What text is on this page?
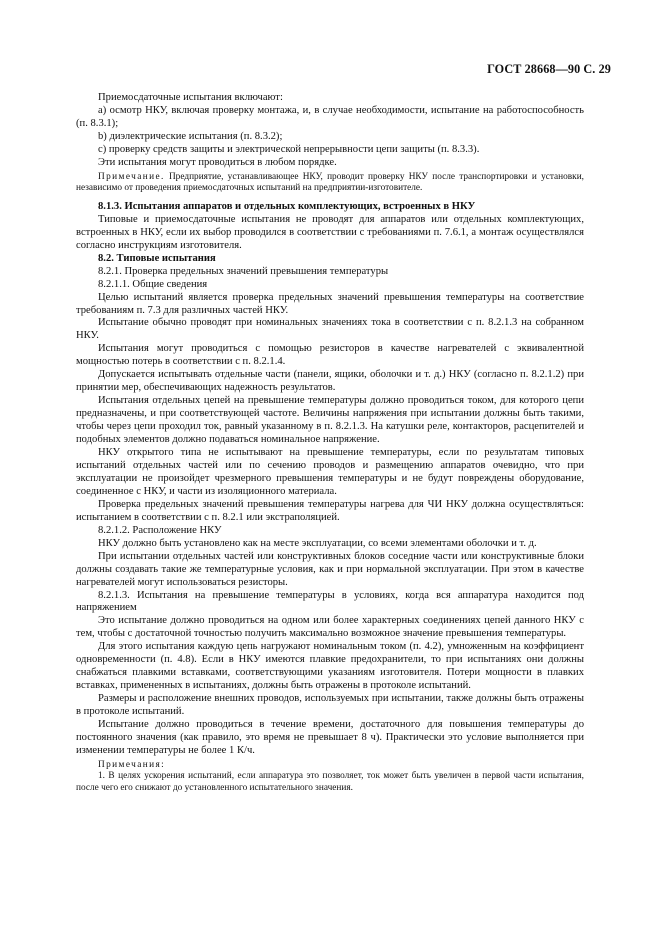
ГОСТ 28668—90 С. 29

Приемосдаточные испытания включают:

а) осмотр НКУ, включая проверку монтажа, и, в случае необходимости, испытание на работоспособность (п. 8.3.1);

b) диэлектрические испытания (п. 8.3.2);

с) проверку средств защиты и электрической непрерывности цепи защиты (п. 8.3.3).

Эти испытания могут проводиться в любом порядке.

Примечание. Предприятие, устанавливающее НКУ, проводит проверку НКУ после транспортировки и установки, независимо от проведения приемосдаточных испытаний на предприятии-изготовителе.

8.1.3. Испытания аппаратов и отдельных комплектующих, встроенных в НКУ

Типовые и приемосдаточные испытания не проводят для аппаратов или отдельных комплектующих, встроенных в НКУ, если их выбор проводился в соответствии с требованиями п. 7.6.1, а монтаж осуществлялся согласно инструкциям изготовителя.

8.2. Типовые испытания

8.2.1. Проверка предельных значений превышения температуры

8.2.1.1. Общие сведения

Целью испытаний является проверка предельных значений превышения температуры на соответствие требованиям п. 7.3 для различных частей НКУ.

Испытание обычно проводят при номинальных значениях тока в соответствии с п. 8.2.1.3 на собранном НКУ.

Испытания могут проводиться с помощью резисторов в качестве нагревателей с эквивалентной мощностью потерь в соответствии с п. 8.2.1.4.

Допускается испытывать отдельные части (панели, ящики, оболочки и т. д.) НКУ (согласно п. 8.2.1.2) при принятии мер, обеспечивающих надежность результатов.

Испытания отдельных цепей на превышение температуры должно проводиться током, для которого цепи предназначены, и при соответствующей частоте. Величины напряжения при испытании должны быть такими, чтобы через цепи проходил ток, равный указанному в п. 8.2.1.3. На катушки реле, контакторов, расцепителей и подобных элементов должно подаваться номинальное напряжение.

НКУ открытого типа не испытывают на превышение температуры, если по результатам типовых испытаний отдельных частей или по сечению проводов и размещению аппаратов очевидно, что при эксплуатации не произойдет чрезмерного превышения температуры и не будут повреждены оборудование, соединенное с НКУ, и части из изоляционного материала.

Проверка предельных значений превышения температуры нагрева для ЧИ НКУ должна осуществляться: испытанием в соответствии с п. 8.2.1 или экстраполяцией.

8.2.1.2. Расположение НКУ

НКУ должно быть установлено как на месте эксплуатации, со всеми элементами оболочки и т. д.

При испытании отдельных частей или конструктивных блоков соседние части или конструктивные блоки должны создавать такие же температурные условия, как и при нормальной эксплуатации. При этом в качестве нагревателей могут использоваться резисторы.

8.2.1.3. Испытания на превышение температуры в условиях, когда вся аппаратура находится под напряжением

Это испытание должно проводиться на одном или более характерных соединениях цепей данного НКУ с тем, чтобы с достаточной точностью получить максимально возможное значение превышения температуры.

Для этого испытания каждую цепь нагружают номинальным током (п. 4.2), умноженным на коэффициент одновременности (п. 4.8). Если в НКУ имеются плавкие предохранители, то при испытаниях они должны снабжаться плавкими вставками, соответствующими указаниям изготовителя. Потери мощности в плавких вставках, примененных в испытаниях, должны быть отражены в протоколе испытаний.

Размеры и расположение внешних проводов, используемых при испытании, также должны быть отражены в протоколе испытаний.

Испытание должно проводиться в течение времени, достаточного для повышения температуры до постоянного значения (как правило, это время не превышает 8 ч). Практически это условие выполняется при изменении температуры не более 1 К/ч.

Примечания:

1. В целях ускорения испытаний, если аппаратура это позволяет, ток может быть увеличен в первой части испытания, после чего его снижают до установленного испытательного значения.
